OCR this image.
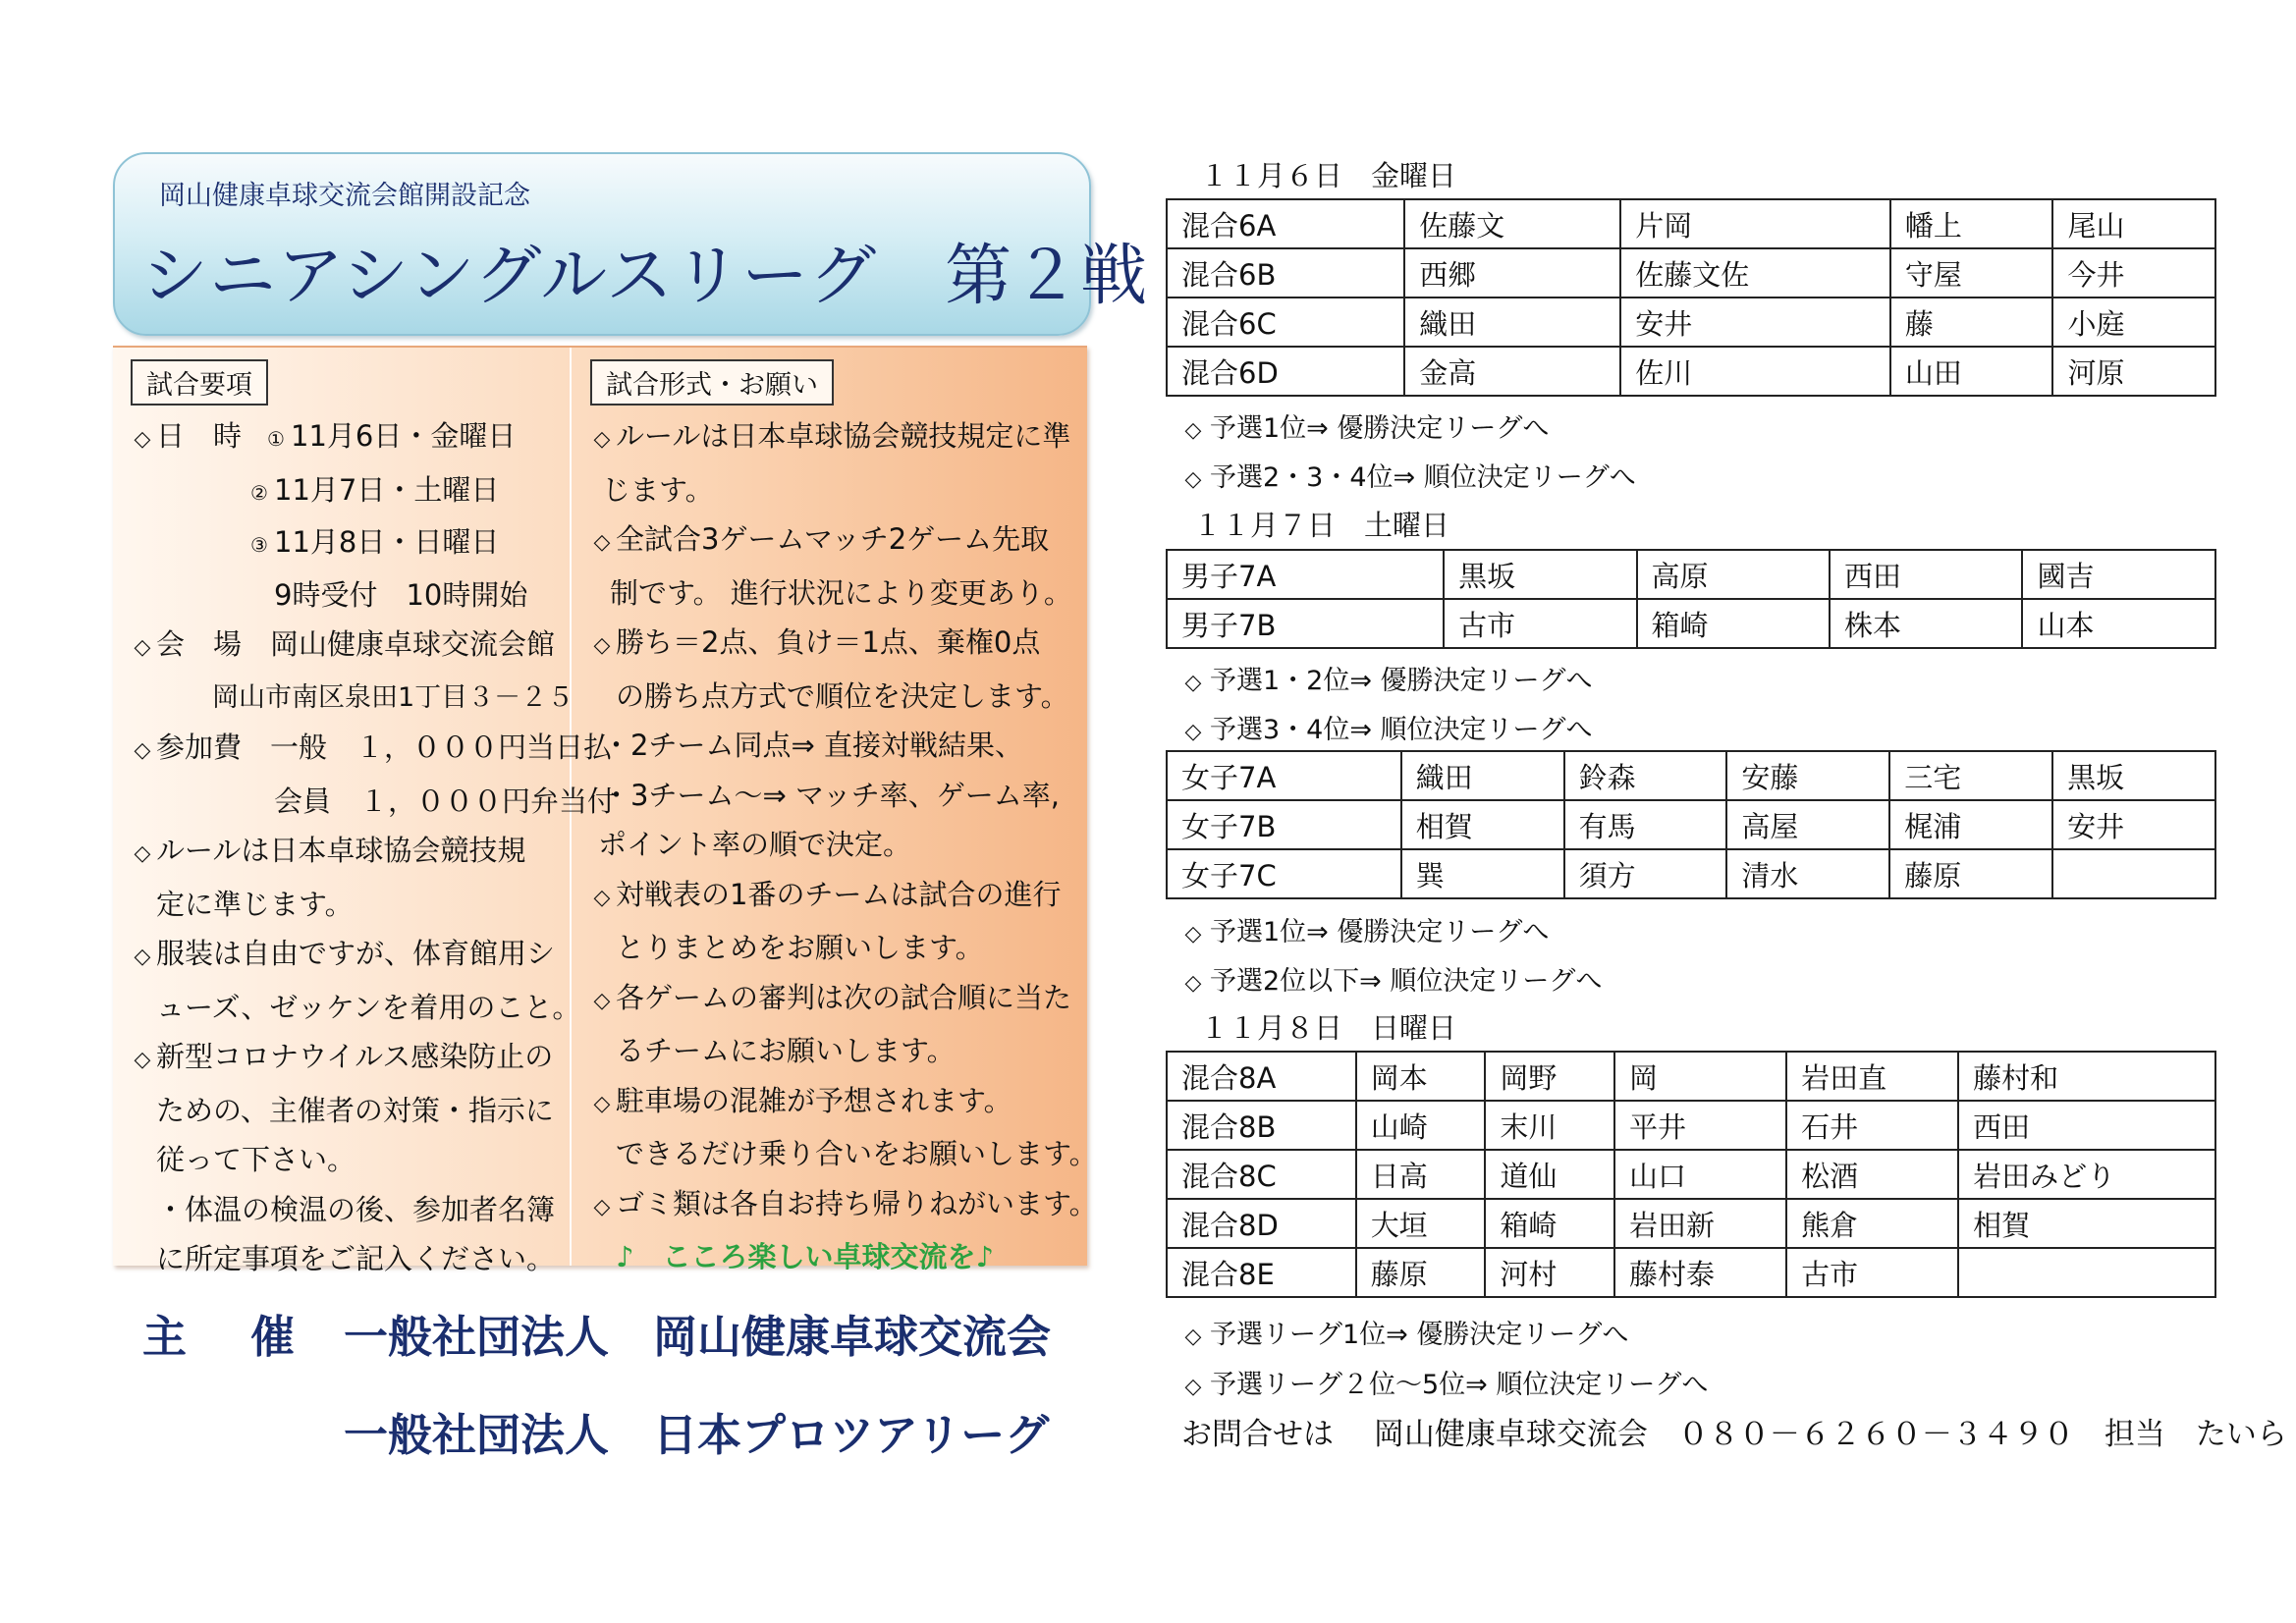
岡山健康卓球交流会館開設記念
シニアシングルスリーグ　第２戦
試合要項
◇ 日　時 ① 11月6日・金曜日
② 11月7日・土曜日
③ 11月8日・日曜日
9時受付　10時開始
◇ 会　場　岡山健康卓球交流会館
岡山市南区泉田1丁目３－２５
◇ 参加費　一般　１，０００円当日払
会員　１，０００円弁当付
◇ ルールは日本卓球協会競技規
定に準じます。
◇ 服装は自由ですが、体育館用シ
ューズ、ゼッケンを着用のこと。
◇ 新型コロナウイルス感染防止の
ための、主催者の対策・指示に
従って下さい。
・体温の検温の後、参加者名簿
に所定事項をご記入ください。
試合形式・お願い
◇ ルールは日本卓球協会競技規定に準
じます。
◇ 全試合3ゲームマッチ2ゲーム先取
制です。 進行状況により変更あり。
◇ 勝ち＝2点、負け＝1点、棄権0点
の勝ち点方式で順位を決定します。
・2チーム同点⇒ 直接対戦結果、
・3チーム～⇒ マッチ率、ゲーム率,
ポイント率の順で決定。
◇ 対戦表の1番のチームは試合の進行
とりまとめをお願いします。
◇ 各ゲームの審判は次の試合順に当た
るチームにお願いします。
◇ 駐車場の混雑が予想されます。
できるだけ乗り合いをお願いします。
◇ ゴミ類は各自お持ち帰りねがいます。
♪　こころ楽しい卓球交流を♪
主 催 一般社団法人　岡山健康卓球交流会
一般社団法人　日本プロツアリーグ
１１月６日　金曜日
混合6A	佐藤文	片岡	幡上	尾山
混合6B	西郷	佐藤文佐	守屋	今井
混合6C	織田	安井	藤	小庭
混合6D	金高	佐川	山田	河原
◇ 予選1位⇒ 優勝決定リーグへ
◇ 予選2・3・4位⇒ 順位決定リーグへ
１１月７日　土曜日
男子7A	黒坂	高原	西田	國吉
男子7B	古市	箱崎	株本	山本
◇ 予選1・2位⇒ 優勝決定リーグへ
◇ 予選3・4位⇒ 順位決定リーグへ
女子7A	織田	鈴森	安藤	三宅	黒坂
女子7B	相賀	有馬	高屋	梶浦	安井
女子7C	巽	須方	清水	藤原	
◇ 予選1位⇒ 優勝決定リーグへ
◇ 予選2位以下⇒ 順位決定リーグへ
１１月８日　日曜日
混合8A	岡本	岡野	岡	岩田直	藤村和
混合8B	山崎	末川	平井	石井	西田
混合8C	日高	道仙	山口	松酒	岩田みどり
混合8D	大垣	箱崎	岩田新	熊倉	相賀
混合8E	藤原	河村	藤村泰	古市	
◇ 予選リーグ1位⇒ 優勝決定リーグへ
◇ 予選リーグ２位～5位⇒ 順位決定リーグへ
お問合せは　 岡山健康卓球交流会　０８０－６２６０－３４９０　担当　たいら
